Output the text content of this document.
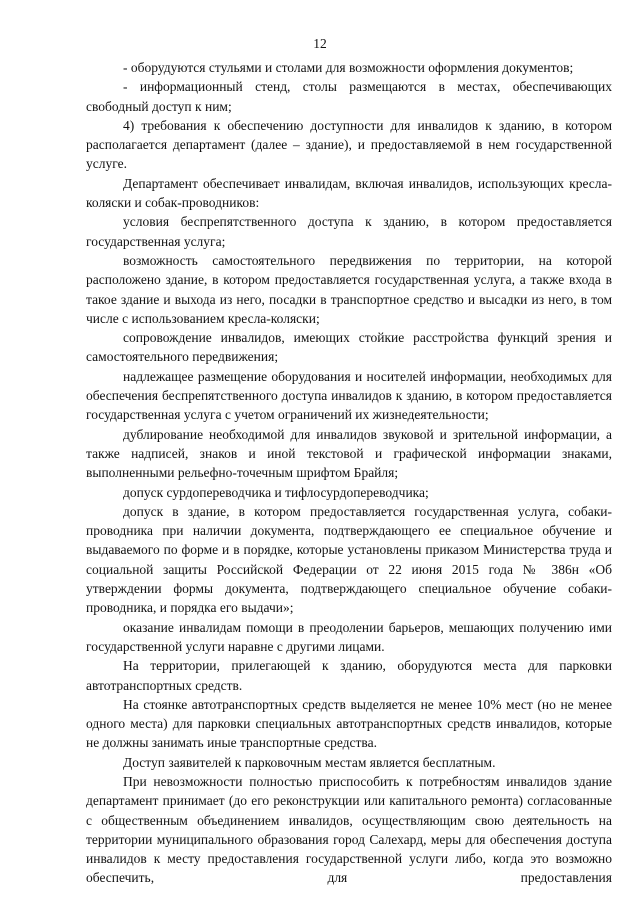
12

- оборудуются стульями и столами для возможности оформления документов;

- информационный стенд, столы размещаются в местах, обеспечивающих свободный доступ к ним;

4) требования к обеспечению доступности для инвалидов к зданию, в котором располагается департамент (далее – здание), и предоставляемой в нем государственной услуге.

Департамент обеспечивает инвалидам, включая инвалидов, использующих кресла-коляски и собак-проводников:

условия беспрепятственного доступа к зданию, в котором предоставляется государственная услуга;

возможность самостоятельного передвижения по территории, на которой расположено здание, в котором предоставляется государственная услуга, а также входа в такое здание и выхода из него, посадки в транспортное средство и высадки из него, в том числе с использованием кресла-коляски;

сопровождение инвалидов, имеющих стойкие расстройства функций зрения и самостоятельного передвижения;

надлежащее размещение оборудования и носителей информации, необходимых для обеспечения беспрепятственного доступа инвалидов к зданию, в котором предоставляется государственная услуга с учетом ограничений их жизнедеятельности;

дублирование необходимой для инвалидов звуковой и зрительной информации, а также надписей, знаков и иной текстовой и графической информации знаками, выполненными рельефно-точечным шрифтом Брайля;

допуск сурдопереводчика и тифлосурдопереводчика;

допуск в здание, в котором предоставляется государственная услуга, собаки-проводника при наличии документа, подтверждающего ее специальное обучение и выдаваемого по форме и в порядке, которые установлены приказом Министерства труда и социальной защиты Российской Федерации от 22 июня 2015 года № 386н «Об утверждении формы документа, подтверждающего специальное обучение собаки-проводника, и порядка его выдачи»;

оказание инвалидам помощи в преодолении барьеров, мешающих получению ими государственной услуги наравне с другими лицами.

На территории, прилегающей к зданию, оборудуются места для парковки автотранспортных средств.

На стоянке автотранспортных средств выделяется не менее 10% мест (но не менее одного места) для парковки специальных автотранспортных средств инвалидов, которые не должны занимать иные транспортные средства.

Доступ заявителей к парковочным местам является бесплатным.

При невозможности полностью приспособить к потребностям инвалидов здание департамент принимает (до его реконструкции или капитального ремонта) согласованные с общественным объединением инвалидов, осуществляющим свою деятельность на территории муниципального образования город Салехард, меры для обеспечения доступа инвалидов к месту предоставления государственной услуги либо, когда это возможно обеспечить, для предоставления
